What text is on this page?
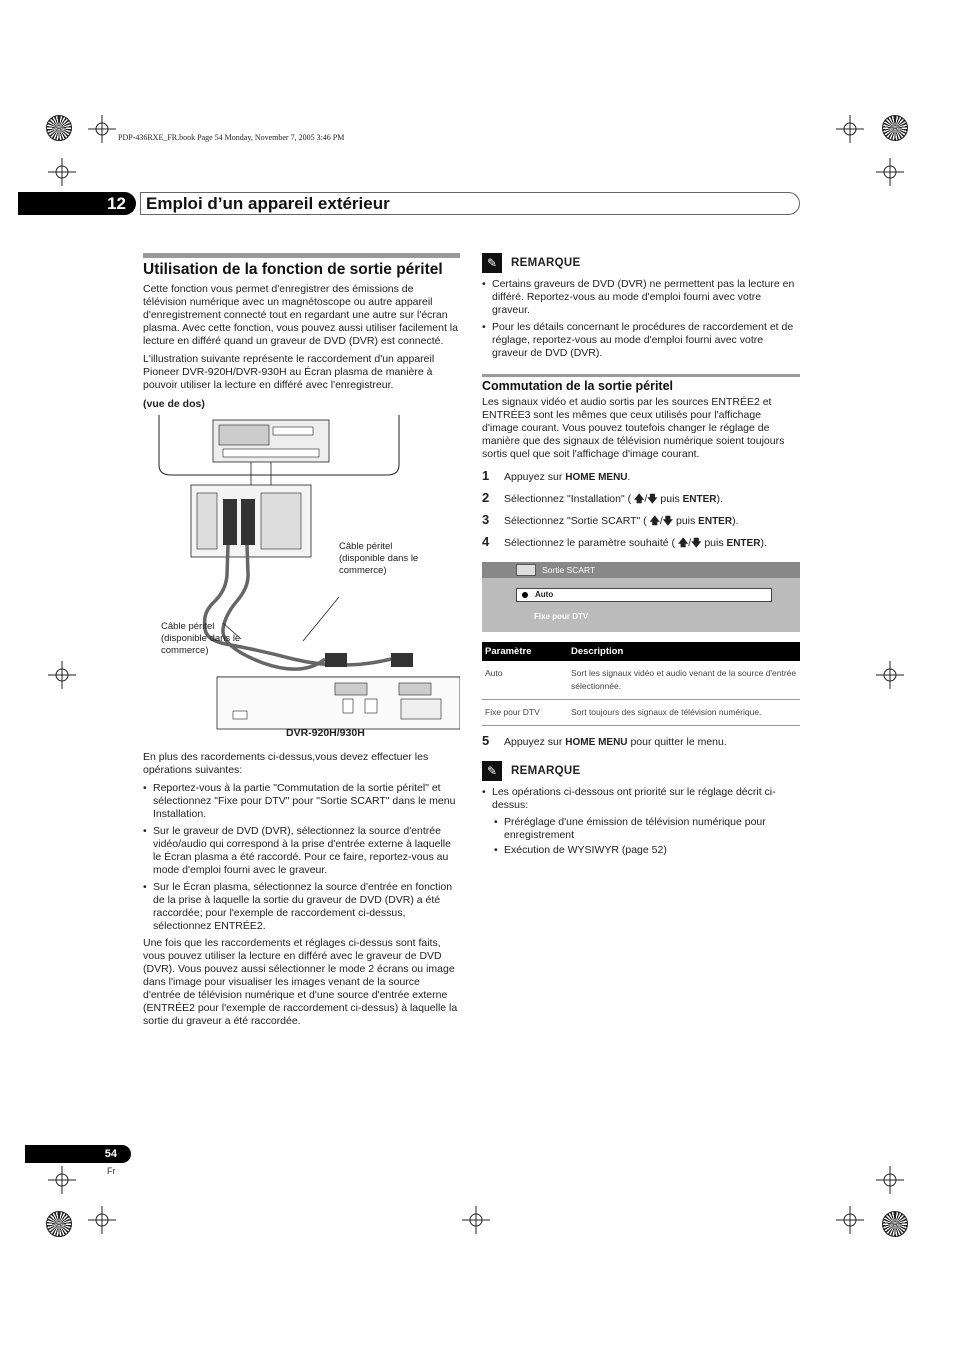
PDP-436RXE_FR.book Page 54 Monday, November 7, 2005 3:46 PM
12	Emploi d’un appareil extérieur
Utilisation de la fonction de sortie péritel

Cette fonction vous permet d'enregistrer des émissions de télévision numérique avec un magnétoscope ou autre appareil d'enregistrement connecté tout en regardant une autre sur l'écran plasma. Avec cette fonction, vous pouvez aussi utiliser facilement la lecture en différé quand un graveur de DVD (DVR) est connecté.

L'illustration suivante représente le raccordement d'un appareil Pioneer DVR-920H/DVR-930H au Écran plasma de manière à pouvoir utiliser la lecture en différé avec l'enregistreur.

(vue de dos)
Câble péritel (disponible dans le commerce)
Câble péritel (disponible dans le commerce)
DVR-920H/930H

En plus des racordements ci-dessus,vous devez effectuer les opérations suivantes:

• Reportez-vous à la partie "Commutation de la sortie péritel" et sélectionnez "Fixe pour DTV" pour "Sortie SCART" dans le menu Installation.
• Sur le graveur de DVD (DVR), sélectionnez la source d'entrée vidéo/audio qui correspond à la prise d'entrée externe à laquelle le Écran plasma a été raccordé. Pour ce faire, reportez-vous au mode d'emploi fourni avec le graveur.
• Sur le Écran plasma, sélectionnez la source d'entrée en fonction de la prise à laquelle la sortie du graveur de DVD (DVR) a été raccordée; pour l'exemple de raccordement ci-dessus, sélectionnez ENTRÉE2.

Une fois que les raccordements et réglages ci-dessus sont faits, vous pouvez utiliser la lecture en différé avec le graveur de DVD (DVR). Vous pouvez aussi sélectionner le mode 2 écrans ou image dans l'image pour visualiser les images venant de la source d'entrée de télévision numérique et d'une source d'entrée externe (ENTRÉE2 pour l'exemple de raccordement ci-dessus) à laquelle la sortie du graveur a été raccordée.

✎	REMARQUE
• Certains graveurs de DVD (DVR) ne permettent pas la lecture en différé. Reportez-vous au mode d'emploi fourni avec votre graveur.
• Pour les détails concernant le procédures de raccordement et de réglage, reportez-vous au mode d'emploi fourni avec votre graveur de DVD (DVR).
Commutation de la sortie péritel

Les signaux vidéo et audio sortis par les sources ENTRÉE2 et ENTRÉE3 sont les mêmes que ceux utilisés pour l'affichage d'image courant. Vous pouvez toutefois changer le réglage de manière que des signaux de télévision numérique soient toujours sortis quel que soit l'affichage d'image courant.

1	Appuyez sur HOME MENU.
2	Sélectionnez "Installation" ( 🡅/🡇 puis ENTER).
3	Sélectionnez "Sortie SCART" ( 🡅/🡇 puis ENTER).
4	Sélectionnez le paramètre souhaité ( 🡅/🡇 puis ENTER).
Sortie SCART
Auto
Fixe pour DTV
Paramètre	Description
Auto	Sort les signaux vidéo et audio venant de la source d'entrée sélectionnée.
Fixe pour DTV	Sort toujours des signaux de télévision numérique.
5	Appuyez sur HOME MENU pour quitter le menu.
✎	REMARQUE
• Les opérations ci-dessous ont priorité sur le réglage décrit ci-dessus:
• Préréglage d'une émission de télévision numérique pour enregistrement
• Exécution de WYSIWYR (page 52)
54
Fr
